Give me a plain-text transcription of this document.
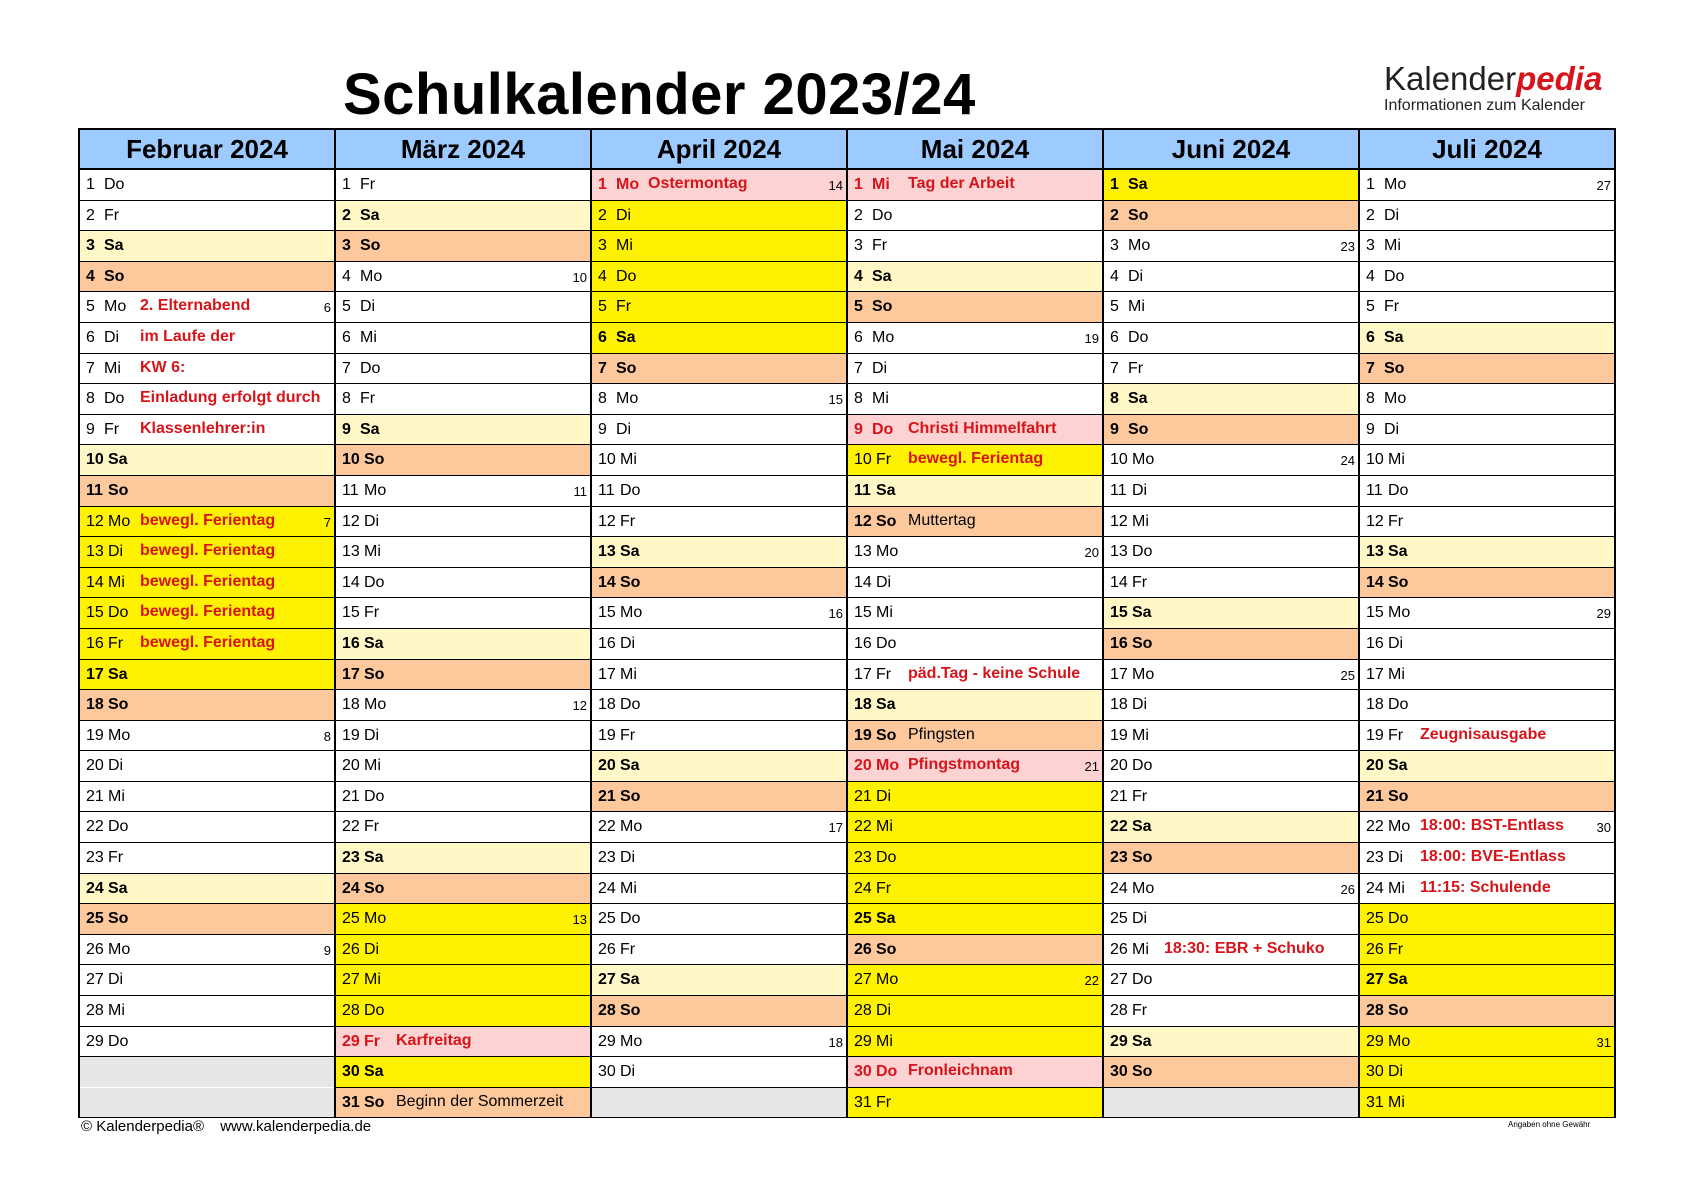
Schulkalender 2023/24	Kalenderpedia
Informationen zum Kalender
Februar 2024
1 Do
2 Fr
3 Sa
4 So
5 Mo 2. Elternabend	6
6 Di im Laufe der
7 Mi KW 6:
8 Do Einladung erfolgt durch
9 Fr Klassenlehrer:in
10 Sa
11 So
12 Mo bewegl. Ferientag	7
13 Di bewegl. Ferientag
14 Mi bewegl. Ferientag
15 Do bewegl. Ferientag
16 Fr bewegl. Ferientag
17 Sa
18 So
19 Mo	8
20 Di
21 Mi
22 Do
23 Fr
24 Sa
25 So
26 Mo	9
27 Di
28 Mi
29 Do
März 2024
1 Fr
2 Sa
3 So
4 Mo	10
5 Di
6 Mi
7 Do
8 Fr
9 Sa
10 So
11 Mo	11
12 Di
13 Mi
14 Do
15 Fr
16 Sa
17 So
18 Mo	12
19 Di
20 Mi
21 Do
22 Fr
23 Sa
24 So
25 Mo	13
26 Di
27 Mi
28 Do
29 Fr Karfreitag
30 Sa
31 So Beginn der Sommerzeit
April 2024
1 Mo Ostermontag	14
2 Di
3 Mi
4 Do
5 Fr
6 Sa
7 So
8 Mo	15
9 Di
10 Mi
11 Do
12 Fr
13 Sa
14 So
15 Mo	16
16 Di
17 Mi
18 Do
19 Fr
20 Sa
21 So
22 Mo	17
23 Di
24 Mi
25 Do
26 Fr
27 Sa
28 So
29 Mo	18
30 Di
Mai 2024
1 Mi Tag der Arbeit
2 Do
3 Fr
4 Sa
5 So
6 Mo	19
7 Di
8 Mi
9 Do Christi Himmelfahrt
10 Fr bewegl. Ferientag
11 Sa
12 So Muttertag
13 Mo	20
14 Di
15 Mi
16 Do
17 Fr päd.Tag - keine Schule
18 Sa
19 So Pfingsten
20 Mo Pfingstmontag	21
21 Di
22 Mi
23 Do
24 Fr
25 Sa
26 So
27 Mo	22
28 Di
29 Mi
30 Do Fronleichnam
31 Fr
Juni 2024
1 Sa
2 So
3 Mo	23
4 Di
5 Mi
6 Do
7 Fr
8 Sa
9 So
10 Mo	24
11 Di
12 Mi
13 Do
14 Fr
15 Sa
16 So
17 Mo	25
18 Di
19 Mi
20 Do
21 Fr
22 Sa
23 So
24 Mo	26
25 Di
26 Mi 18:30: EBR + Schuko
27 Do
28 Fr
29 Sa
30 So
Juli 2024
1 Mo	27
2 Di
3 Mi
4 Do
5 Fr
6 Sa
7 So
8 Mo
9 Di
10 Mi
11 Do
12 Fr
13 Sa
14 So
15 Mo	29
16 Di
17 Mi
18 Do
19 Fr Zeugnisausgabe
20 Sa
21 So
22 Mo 18:00: BST-Entlass 30
23 Di 18:00: BVE-Entlass
24 Mi 11:15: Schulende
25 Do
26 Fr
27 Sa
28 So
29 Mo	31
30 Di
31 Mi
© Kalenderpedia® www.kalenderpedia.de	Angaben ohne Gewähr
